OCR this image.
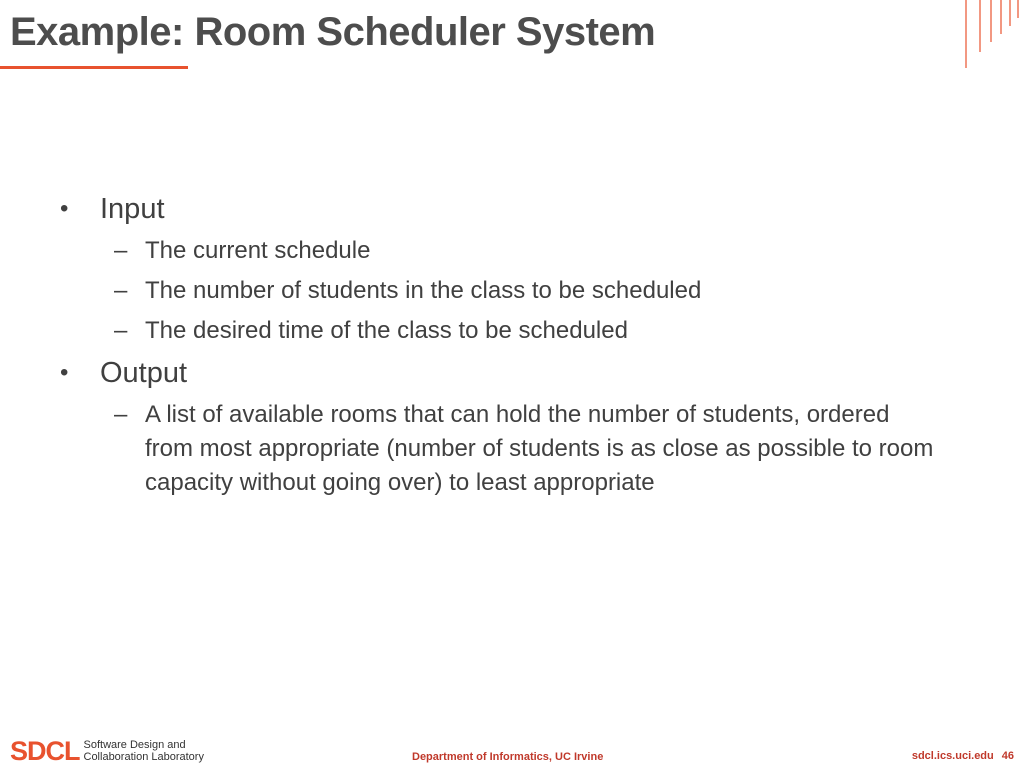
Example: Room Scheduler System
• Input
– The current schedule
– The number of students in the class to be scheduled
– The desired time of the class to be scheduled
• Output
– A list of available rooms that can hold the number of students, ordered from most appropriate (number of students is as close as possible to room capacity without going over) to least appropriate
SDCL Software Design and
Collaboration Laboratory	Department of Informatics, UC Irvine	sdcl.ics.uci.edu 46
